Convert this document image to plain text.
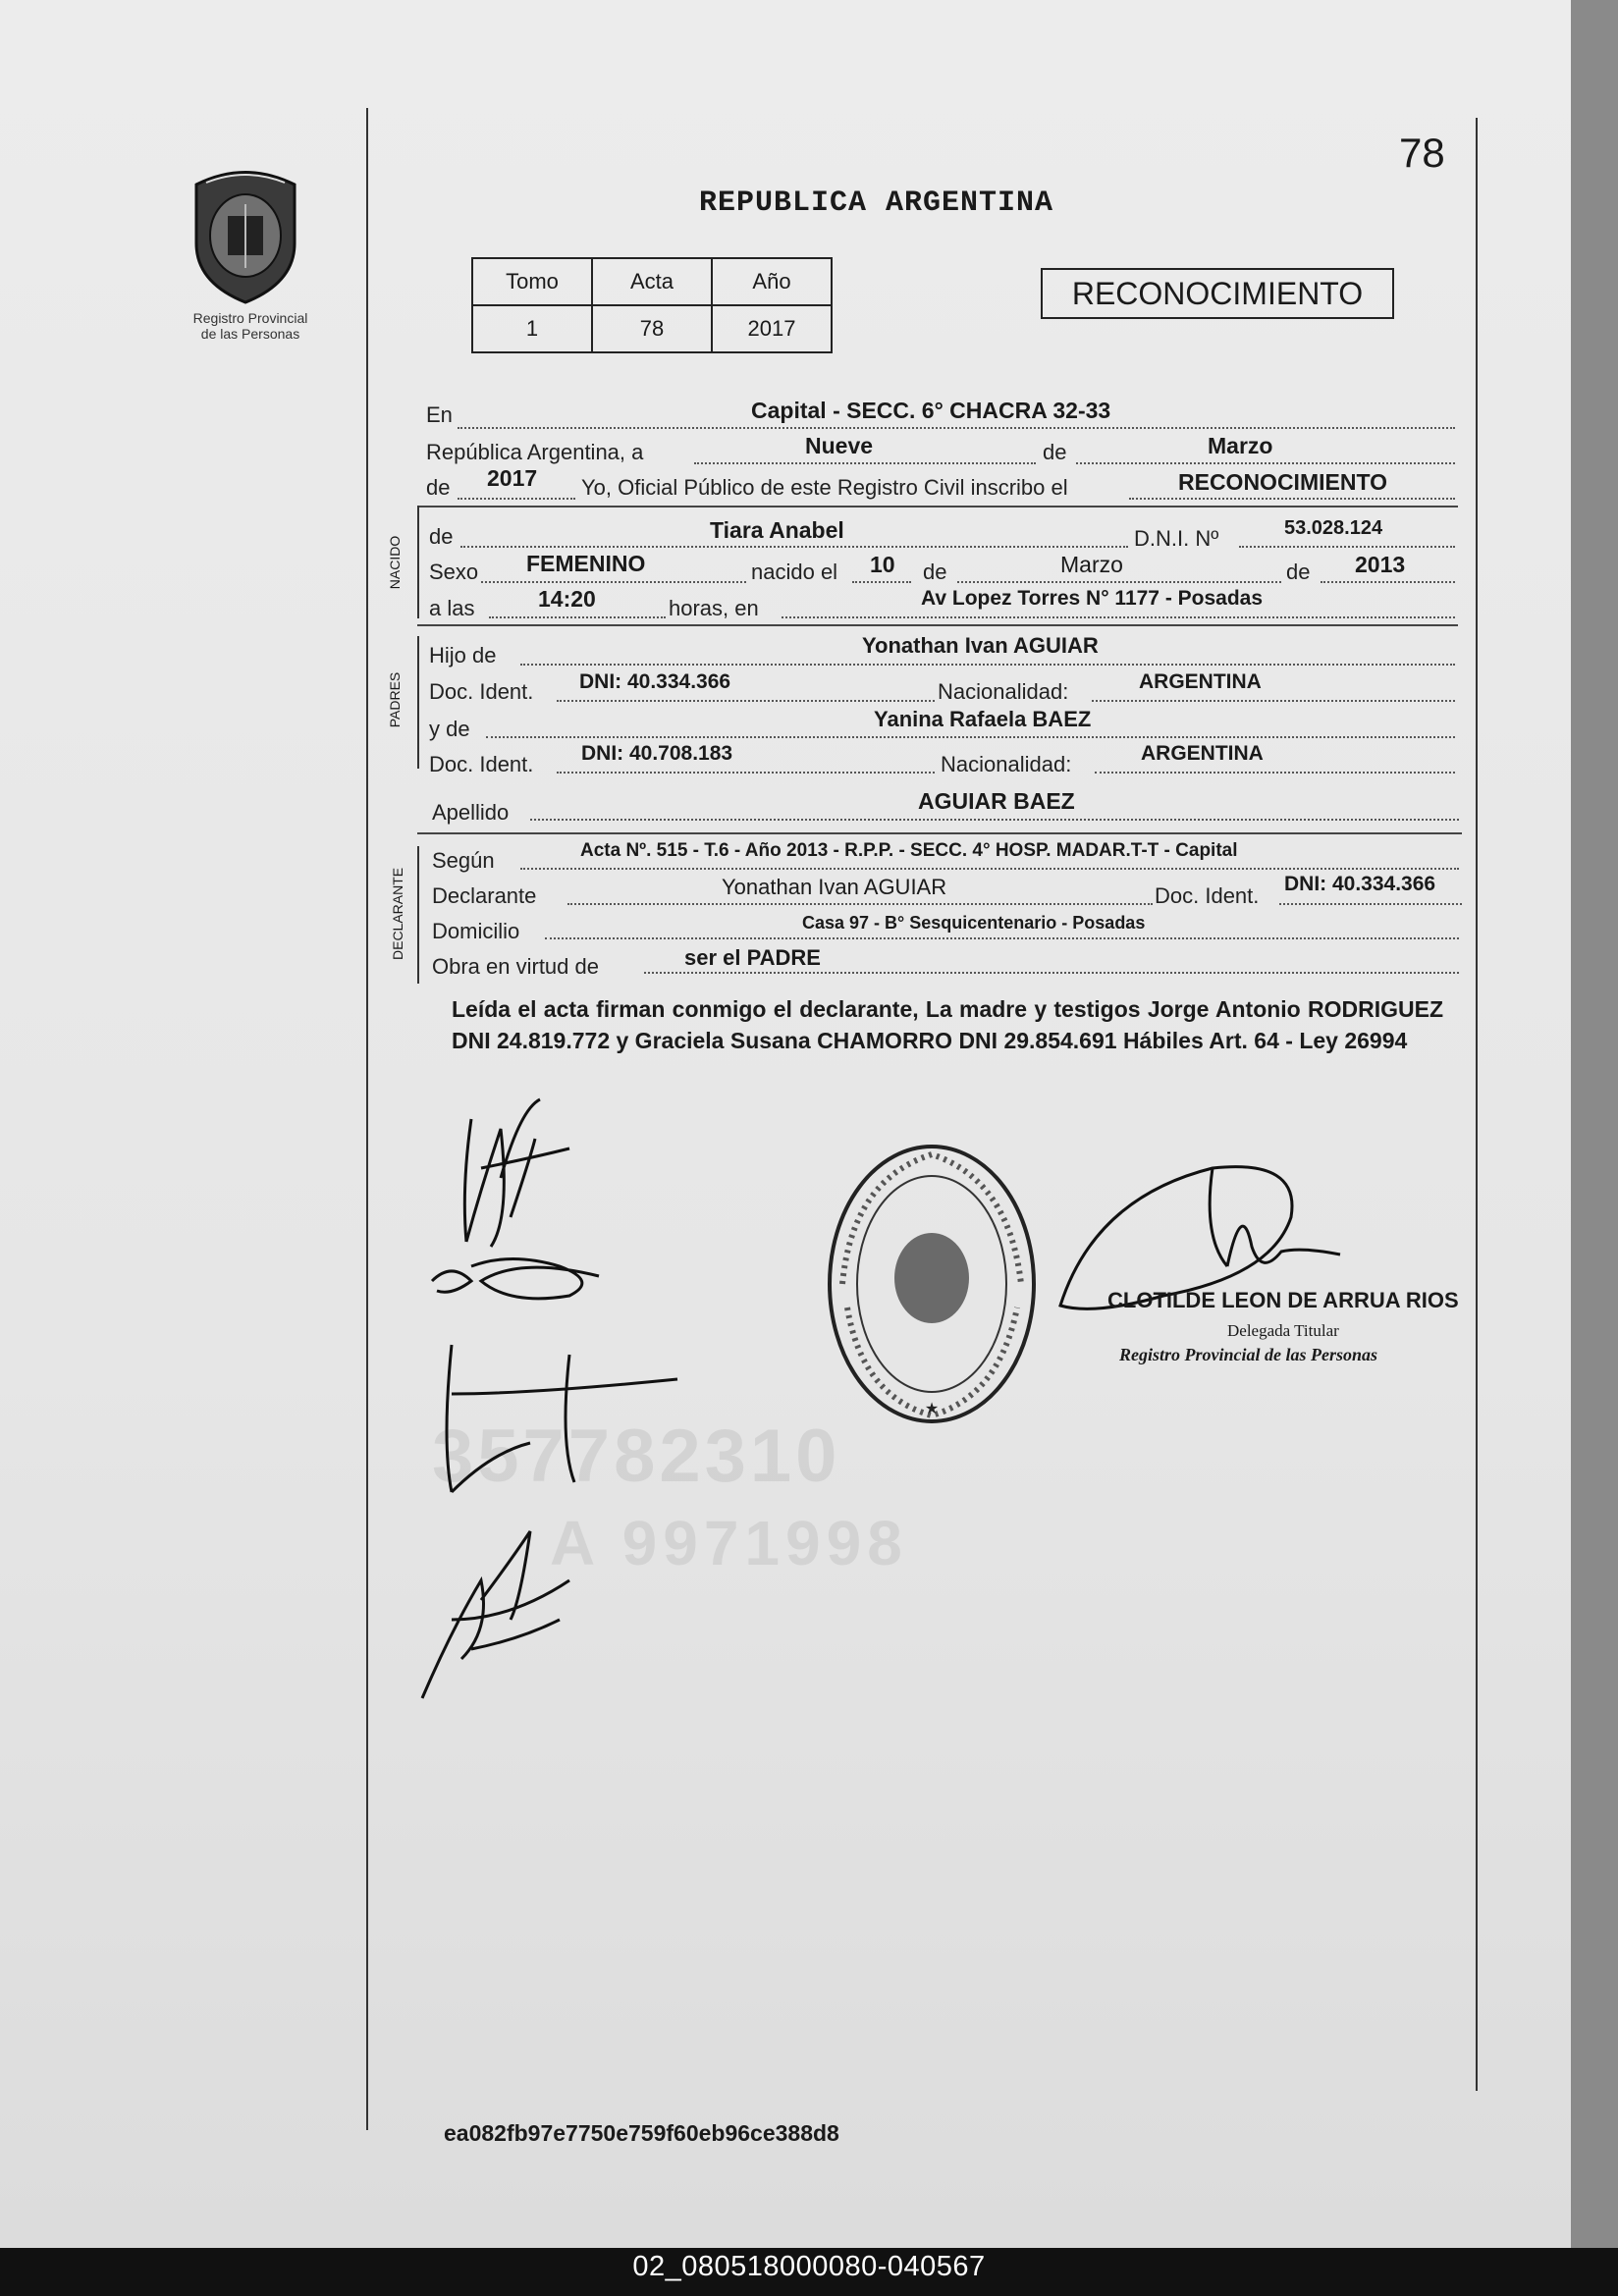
Registro Provincial
de las Personas
78
REPUBLICA ARGENTINA
Tomo	Acta	Año
1	78	2017
RECONOCIMIENTO
En	Capital - SECC. 6° CHACRA 32-33
República Argentina, a	Nueve	de	Marzo
de 2017 Yo, Oficial Público de este Registro Civil inscribo el	RECONOCIMIENTO
NACIDO de	Tiara Anabel	D.N.I. Nº	53.028.124
Sexo FEMENINO	nacido el 10 de	Marzo	de 2013
a las	14:20	horas, en	Av Lopez Torres N° 1177 - Posadas
PADRES
Hijo de	Yonathan Ivan AGUIAR
Doc. Ident. DNI: 40.334.366	Nacionalidad:	ARGENTINA
y de	Yanina Rafaela BAEZ
Doc. Ident. DNI: 40.708.183	Nacionalidad:	ARGENTINA
Apellido	AGUIAR BAEZ
DECLARANTE
Según	Acta Nº. 515 - T.6 - Año 2013 - R.P.P. - SECC. 4° HOSP. MADAR.T-T - Capital
Declarante	Yonathan Ivan AGUIAR	Doc. Ident. DNI: 40.334.366
Domicilio	Casa 97 - B° Sesquicentenario - Posadas
Obra en virtud de	ser el PADRE
Leída el acta firman conmigo el declarante, La madre y testigos Jorge Antonio RODRIGUEZ DNI 24.819.772 y Graciela Susana CHAMORRO DNI 29.854.691 Hábiles Art. 64 - Ley 26994
357782310
A 9971998
★
CLOTILDE LEON DE ARRUA RIOS
Delegada Titular
Registro Provincial de las Personas
ea082fb97e7750e759f60eb96ce388d8
02_080518000080-040567
